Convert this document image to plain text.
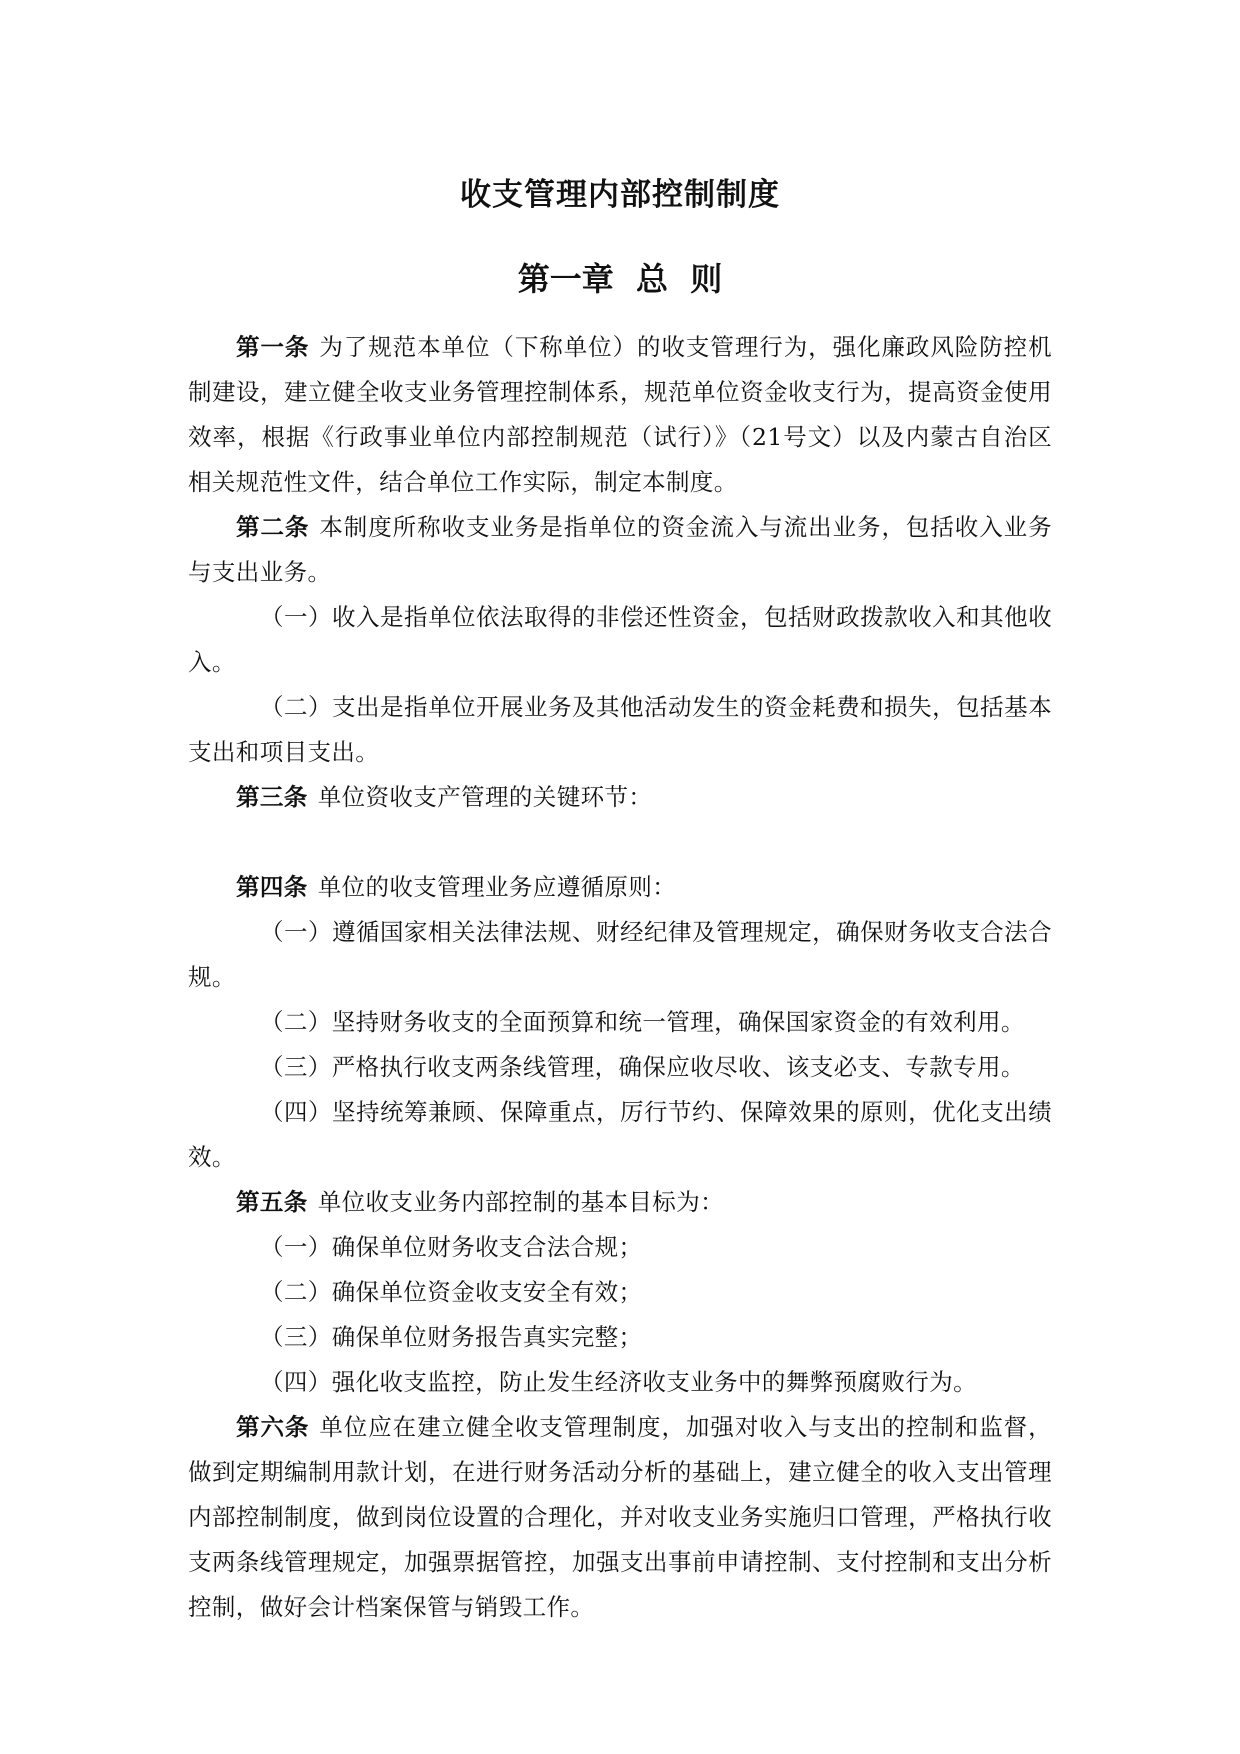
收支管理内部控制制度
第一章  总  则

第一条 为了规范本单位（下称单位）的收支管理行为，强化廉政风险防控机制建设，建立健全收支业务管理控制体系，规范单位资金收支行为，提高资金使用效率，根据《行政事业单位内部控制规范（试行）》（21号文）以及内蒙古自治区相关规范性文件，结合单位工作实际，制定本制度。

第二条 本制度所称收支业务是指单位的资金流入与流出业务，包括收入业务与支出业务。

（一）收入是指单位依法取得的非偿还性资金，包括财政拨款收入和其他收入。

（二）支出是指单位开展业务及其他活动发生的资金耗费和损失，包括基本支出和项目支出。

第三条 单位资收支产管理的关键环节：

第四条 单位的收支管理业务应遵循原则：

（一）遵循国家相关法律法规、财经纪律及管理规定，确保财务收支合法合规。

（二）坚持财务收支的全面预算和统一管理，确保国家资金的有效利用。

（三）严格执行收支两条线管理，确保应收尽收、该支必支、专款专用。

（四）坚持统筹兼顾、保障重点，厉行节约、保障效果的原则，优化支出绩效。

第五条 单位收支业务内部控制的基本目标为：

（一）确保单位财务收支合法合规；

（二）确保单位资金收支安全有效；

（三）确保单位财务报告真实完整；

（四）强化收支监控，防止发生经济收支业务中的舞弊预腐败行为。

第六条 单位应在建立健全收支管理制度，加强对收入与支出的控制和监督，做到定期编制用款计划，在进行财务活动分析的基础上，建立健全的收入支出管理内部控制制度，做到岗位设置的合理化，并对收支业务实施归口管理，严格执行收支两条线管理规定，加强票据管控，加强支出事前申请控制、支付控制和支出分析控制，做好会计档案保管与销毁工作。
